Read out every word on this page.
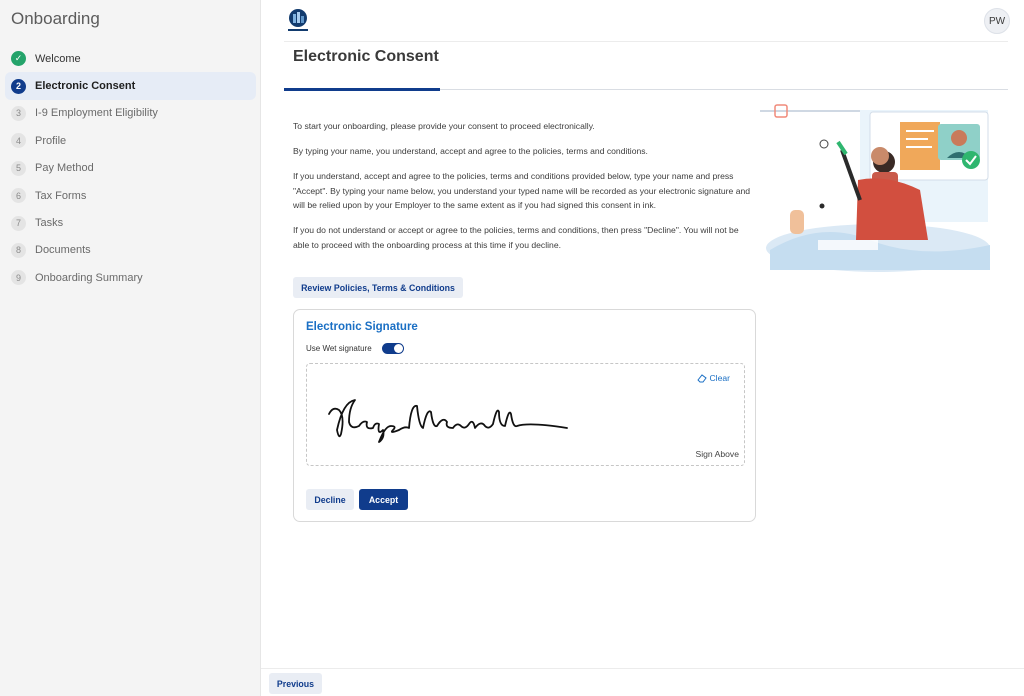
Onboarding
✓	Welcome
2	Electronic Consent
3	I-9 Employment Eligibility
4	Profile
5	Pay Method
6	Tax Forms
7	Tasks
8	Documents
9	Onboarding Summary
PW
Electronic Consent

To start your onboarding, please provide your consent to proceed electronically.

By typing your name, you understand, accept and agree to the policies, terms and conditions.

If you understand, accept and agree to the policies, terms and conditions provided below, type your name and press "Accept". By typing your name below, you understand your typed name will be recorded as your electronic signature and will be relied upon by your Employer to the same extent as if you had signed this consent in ink.

If you do not understand or accept or agree to the policies, terms and conditions, then press "Decline". You will not be able to proceed with the onboarding process at this time if you decline.

Review Policies, Terms & Conditions
Electronic Signature
Use Wet signature
Clear
Sign Above
Decline	Accept
Previous
